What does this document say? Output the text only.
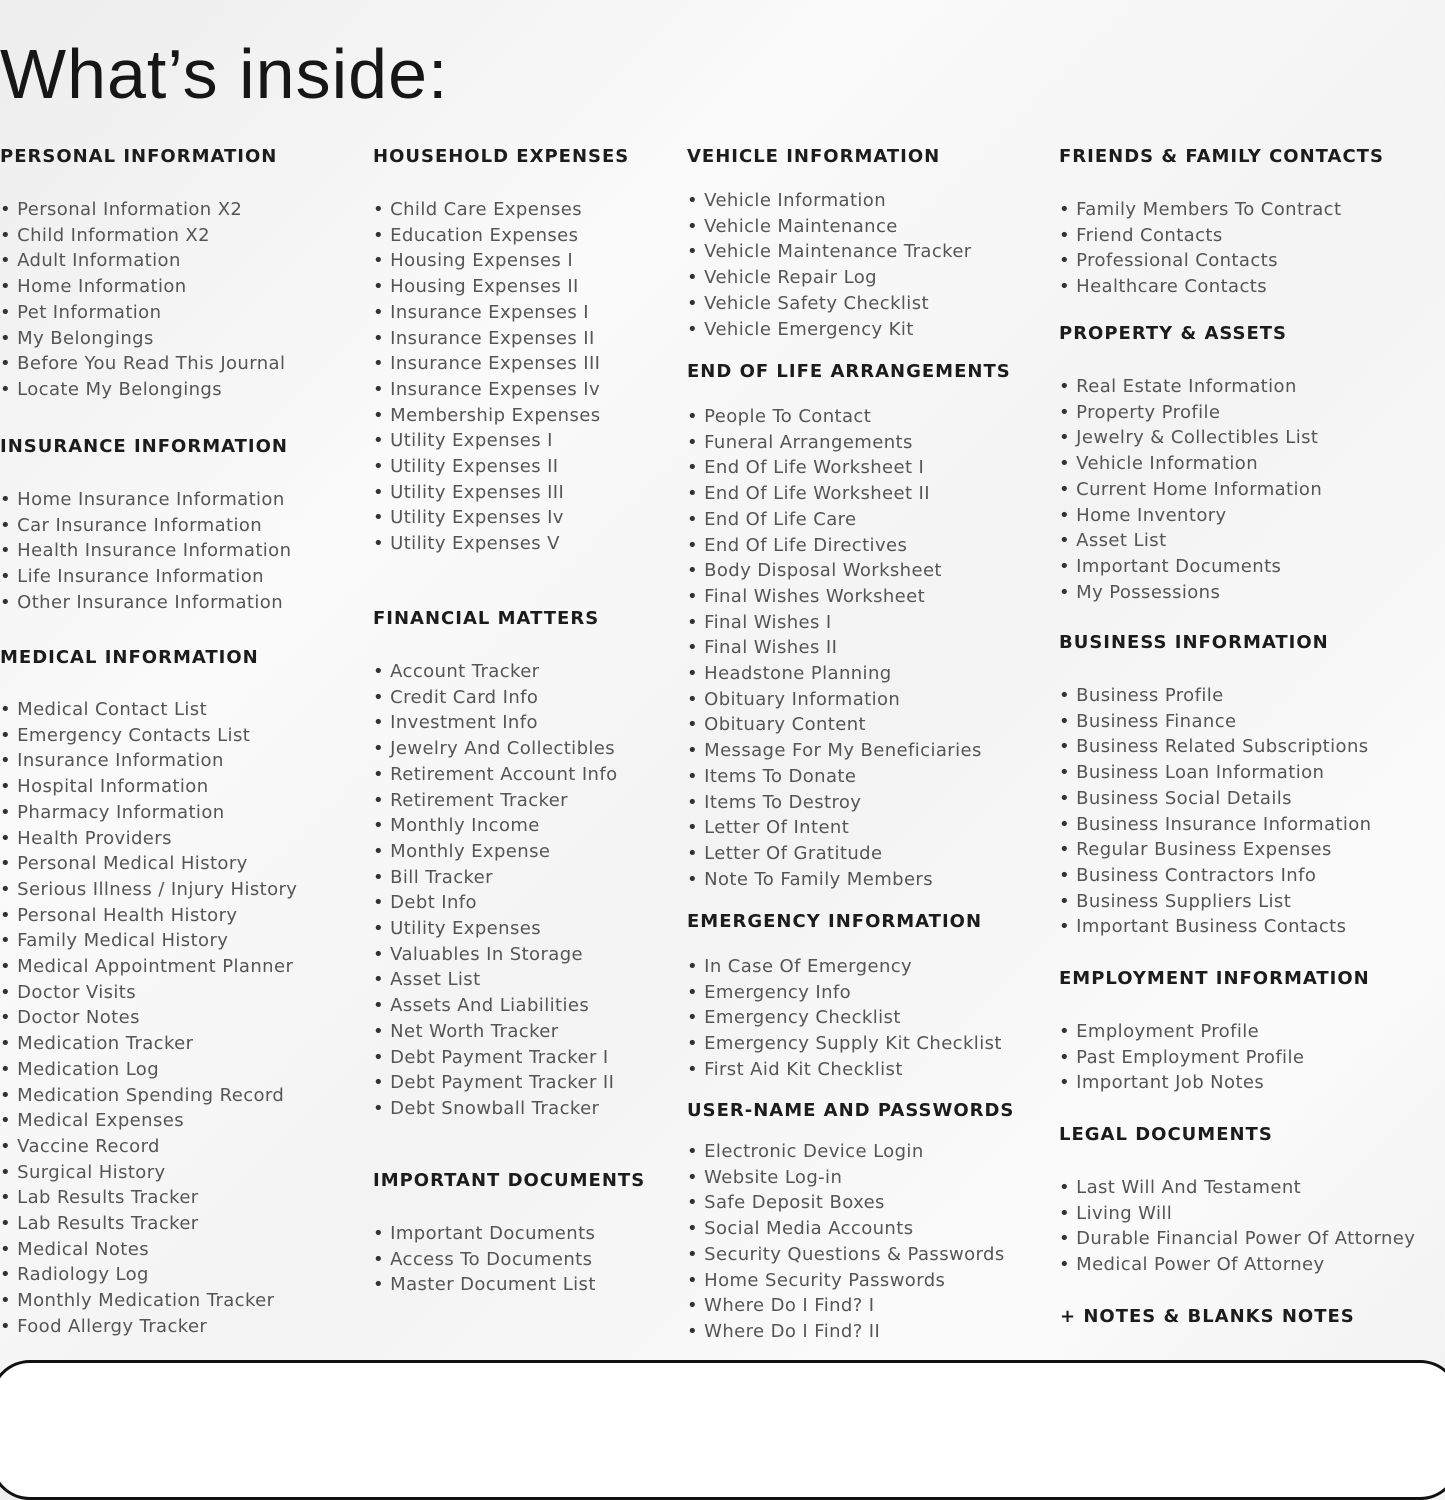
What’s inside:
PERSONAL INFORMATION
• Personal Information X2
• Child Information X2
• Adult Information
• Home Information
• Pet Information
• My Belongings
• Before You Read This Journal
• Locate My Belongings
INSURANCE INFORMATION
• Home Insurance Information
• Car Insurance Information
• Health Insurance Information
• Life Insurance Information
• Other Insurance Information
MEDICAL INFORMATION
• Medical Contact List
• Emergency Contacts List
• Insurance Information
• Hospital Information
• Pharmacy Information
• Health Providers
• Personal Medical History
• Serious Illness / Injury History
• Personal Health History
• Family Medical History
• Medical Appointment Planner
• Doctor Visits
• Doctor Notes
• Medication Tracker
• Medication Log
• Medication Spending Record
• Medical Expenses
• Vaccine Record
• Surgical History
• Lab Results Tracker
• Lab Results Tracker
• Medical Notes
• Radiology Log
• Monthly Medication Tracker
• Food Allergy Tracker
HOUSEHOLD EXPENSES
• Child Care Expenses
• Education Expenses
• Housing Expenses I
• Housing Expenses II
• Insurance Expenses I
• Insurance Expenses II
• Insurance Expenses III
• Insurance Expenses Iv
• Membership Expenses
• Utility Expenses I
• Utility Expenses II
• Utility Expenses III
• Utility Expenses Iv
• Utility Expenses V
FINANCIAL MATTERS
• Account Tracker
• Credit Card Info
• Investment Info
• Jewelry And Collectibles
• Retirement Account Info
• Retirement Tracker
• Monthly Income
• Monthly Expense
• Bill Tracker
• Debt Info
• Utility Expenses
• Valuables In Storage
• Asset List
• Assets And Liabilities
• Net Worth Tracker
• Debt Payment Tracker I
• Debt Payment Tracker II
• Debt Snowball Tracker
IMPORTANT DOCUMENTS
• Important Documents
• Access To Documents
• Master Document List
VEHICLE INFORMATION
• Vehicle Information
• Vehicle Maintenance
• Vehicle Maintenance Tracker
• Vehicle Repair Log
• Vehicle Safety Checklist
• Vehicle Emergency Kit
END OF LIFE ARRANGEMENTS
• People To Contact
• Funeral Arrangements
• End Of Life Worksheet I
• End Of Life Worksheet II
• End Of Life Care
• End Of Life Directives
• Body Disposal Worksheet
• Final Wishes Worksheet
• Final Wishes I
• Final Wishes II
• Headstone Planning
• Obituary Information
• Obituary Content
• Message For My Beneficiaries
• Items To Donate
• Items To Destroy
• Letter Of Intent
• Letter Of Gratitude
• Note To Family Members
EMERGENCY INFORMATION
• In Case Of Emergency
• Emergency Info
• Emergency Checklist
• Emergency Supply Kit Checklist
• First Aid Kit Checklist
USER-NAME AND PASSWORDS
• Electronic Device Login
• Website Log-in
• Safe Deposit Boxes
• Social Media Accounts
• Security Questions & Passwords
• Home Security Passwords
• Where Do I Find? I
• Where Do I Find? II
FRIENDS & FAMILY CONTACTS
• Family Members To Contract
• Friend Contacts
• Professional Contacts
• Healthcare Contacts
PROPERTY & ASSETS
• Real Estate Information
• Property Profile
• Jewelry & Collectibles List
• Vehicle Information
• Current Home Information
• Home Inventory
• Asset List
• Important Documents
• My Possessions
BUSINESS INFORMATION
• Business Profile
• Business Finance
• Business Related Subscriptions
• Business Loan Information
• Business Social Details
• Business Insurance Information
• Regular Business Expenses
• Business Contractors Info
• Business Suppliers List
• Important Business Contacts
EMPLOYMENT INFORMATION
• Employment Profile
• Past Employment Profile
• Important Job Notes
LEGAL DOCUMENTS
• Last Will And Testament
• Living Will
• Durable Financial Power Of Attorney
• Medical Power Of Attorney

+ NOTES & BLANKS NOTES
